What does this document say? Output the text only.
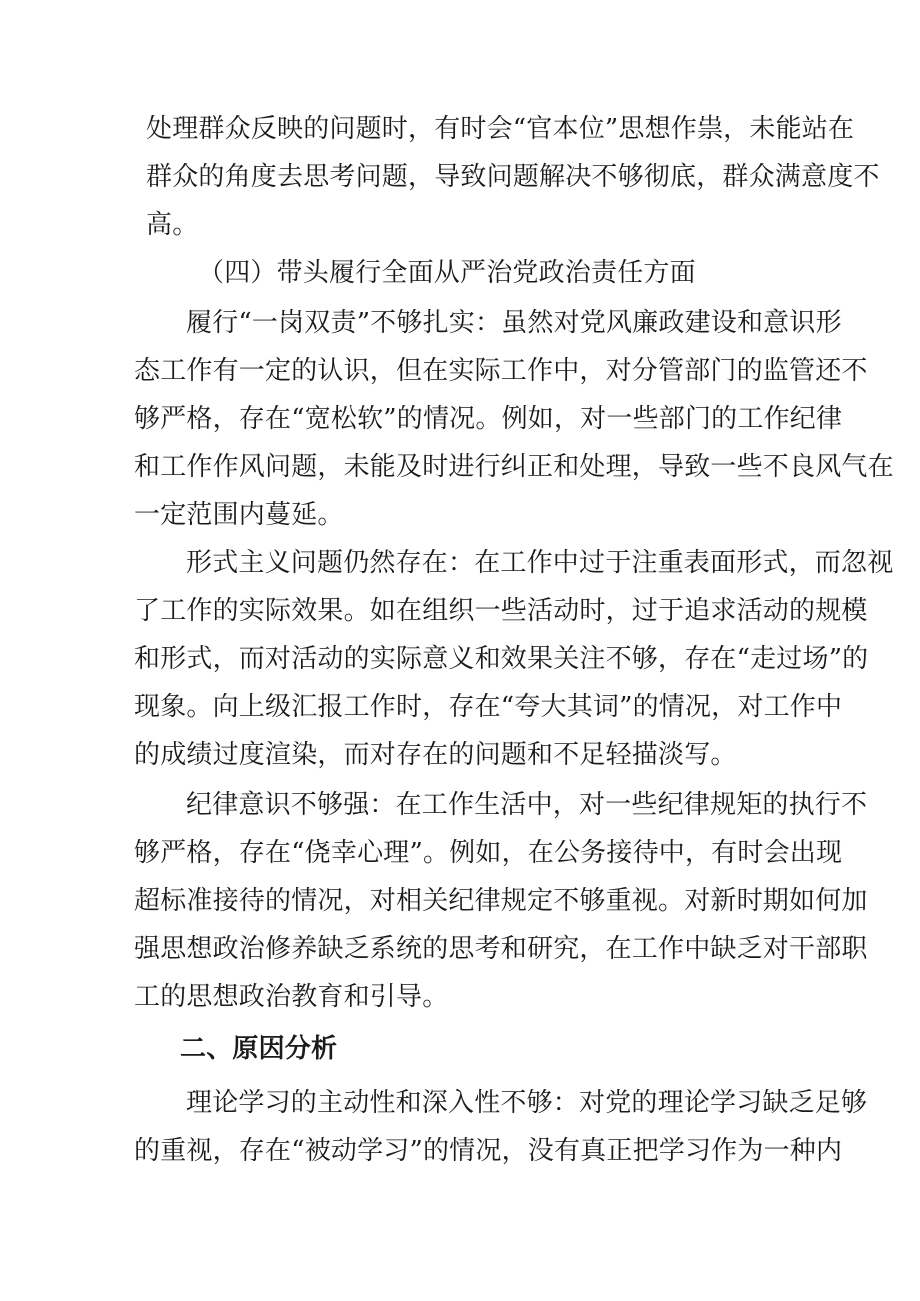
处理群众反映的问题时，有时会“官本位”思想作祟，未能站在
群众的角度去思考问题，导致问题解决不够彻底，群众满意度不
高。
（四）带头履行全面从严治党政治责任方面
履行“一岗双责”不够扎实：虽然对党风廉政建设和意识形
态工作有一定的认识，但在实际工作中，对分管部门的监管还不
够严格，存在“宽松软”的情况。例如，对一些部门的工作纪律
和工作作风问题，未能及时进行纠正和处理，导致一些不良风气在
一定范围内蔓延。
形式主义问题仍然存在：在工作中过于注重表面形式，而忽视
了工作的实际效果。如在组织一些活动时，过于追求活动的规模
和形式，而对活动的实际意义和效果关注不够，存在“走过场”的
现象。向上级汇报工作时，存在“夸大其词”的情况，对工作中
的成绩过度渲染，而对存在的问题和不足轻描淡写。
纪律意识不够强：在工作生活中，对一些纪律规矩的执行不
够严格，存在“侥幸心理”。例如，在公务接待中，有时会出现
超标准接待的情况，对相关纪律规定不够重视。对新时期如何加
强思想政治修养缺乏系统的思考和研究，在工作中缺乏对干部职
工的思想政治教育和引导。
二、原因分析
理论学习的主动性和深入性不够：对党的理论学习缺乏足够
的重视，存在“被动学习”的情况，没有真正把学习作为一种内
